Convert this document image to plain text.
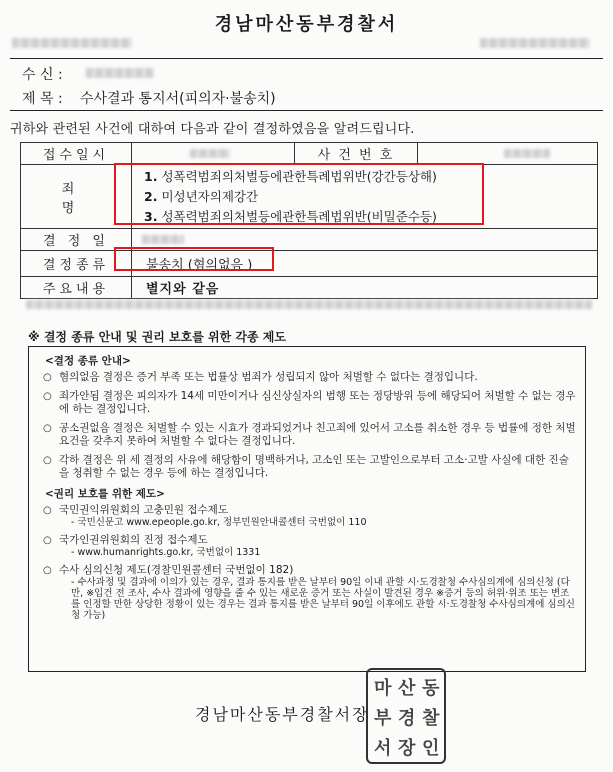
경남마산동부경찰서
수 신 :
제 목 : 수사결과 통지서(피의자·불송치)
귀하와 관련된 사건에 대하여 다음과 같이 결정하였음을 알려드립니다.
접수일시		사 건 번 호	

죄 명	1. 성폭력범죄의처벌등에관한특례법위반(강간등상해)
2. 미성년자의제강간
3. 성폭력범죄의처벌등에관한특례법위반(비밀준수등)		

결 정 일			

결정종류	불송치 (혐의없음 )		
주요내용	별지와 같음		
※ 결정 종류 안내 및 권리 보호를 위한 각종 제도
<결정 종류 안내>
○ 혐의없음 결정은 증거 부족 또는 법률상 범죄가 성립되지 않아 처벌할 수 없다는 결정입니다.
○ 죄가안됨 결정은 피의자가 14세 미만이거나 심신상실자의 범행 또는 정당방위 등에 해당되어 처벌할 수 없는 경우에 하는 결정입니다.
○ 공소권없음 결정은 처벌할 수 있는 시효가 경과되었거나 친고죄에 있어서 고소를 취소한 경우 등 법률에 정한 처벌요건을 갖추지 못하여 처벌할 수 없다는 결정입니다.
○ 각하 결정은 위 세 결정의 사유에 해당함이 명백하거나, 고소인 또는 고발인으로부터 고소·고발 사실에 대한 진술을 청취할 수 없는 경우 등에 하는 결정입니다.
<권리 보호를 위한 제도>
○ 국민권익위원회의 고충민원 접수제도
- 국민신문고 www.epeople.go.kr, 정부민원안내콜센터 국번없이 110
○ 국가인권위원회의 진정 접수제도
- www.humanrights.go.kr, 국번없이 1331
○ 수사 심의신청 제도(경찰민원콜센터 국번없이 182)
- 수사과정 및 결과에 이의가 있는 경우, 결과 통지를 받은 날부터 90일 이내 관할 시·도경찰청 수사심의계에 심의신청 (다만, ※입건 전 조사, 수사 결과에 영향을 줄 수 있는 새로운 증거 또는 사실이 발견된 경우 ※증거 등의 허위·위조 또는 변조를 인정할 만한 상당한 정황이 있는 경우는 결과 통지를 받은 날부터 90일 이후에도 관할 시·도경찰청 수사심의계에 심의신청 가능)
경남마산동부경찰서장
마 산 동
부 경 찰
서 장 인
